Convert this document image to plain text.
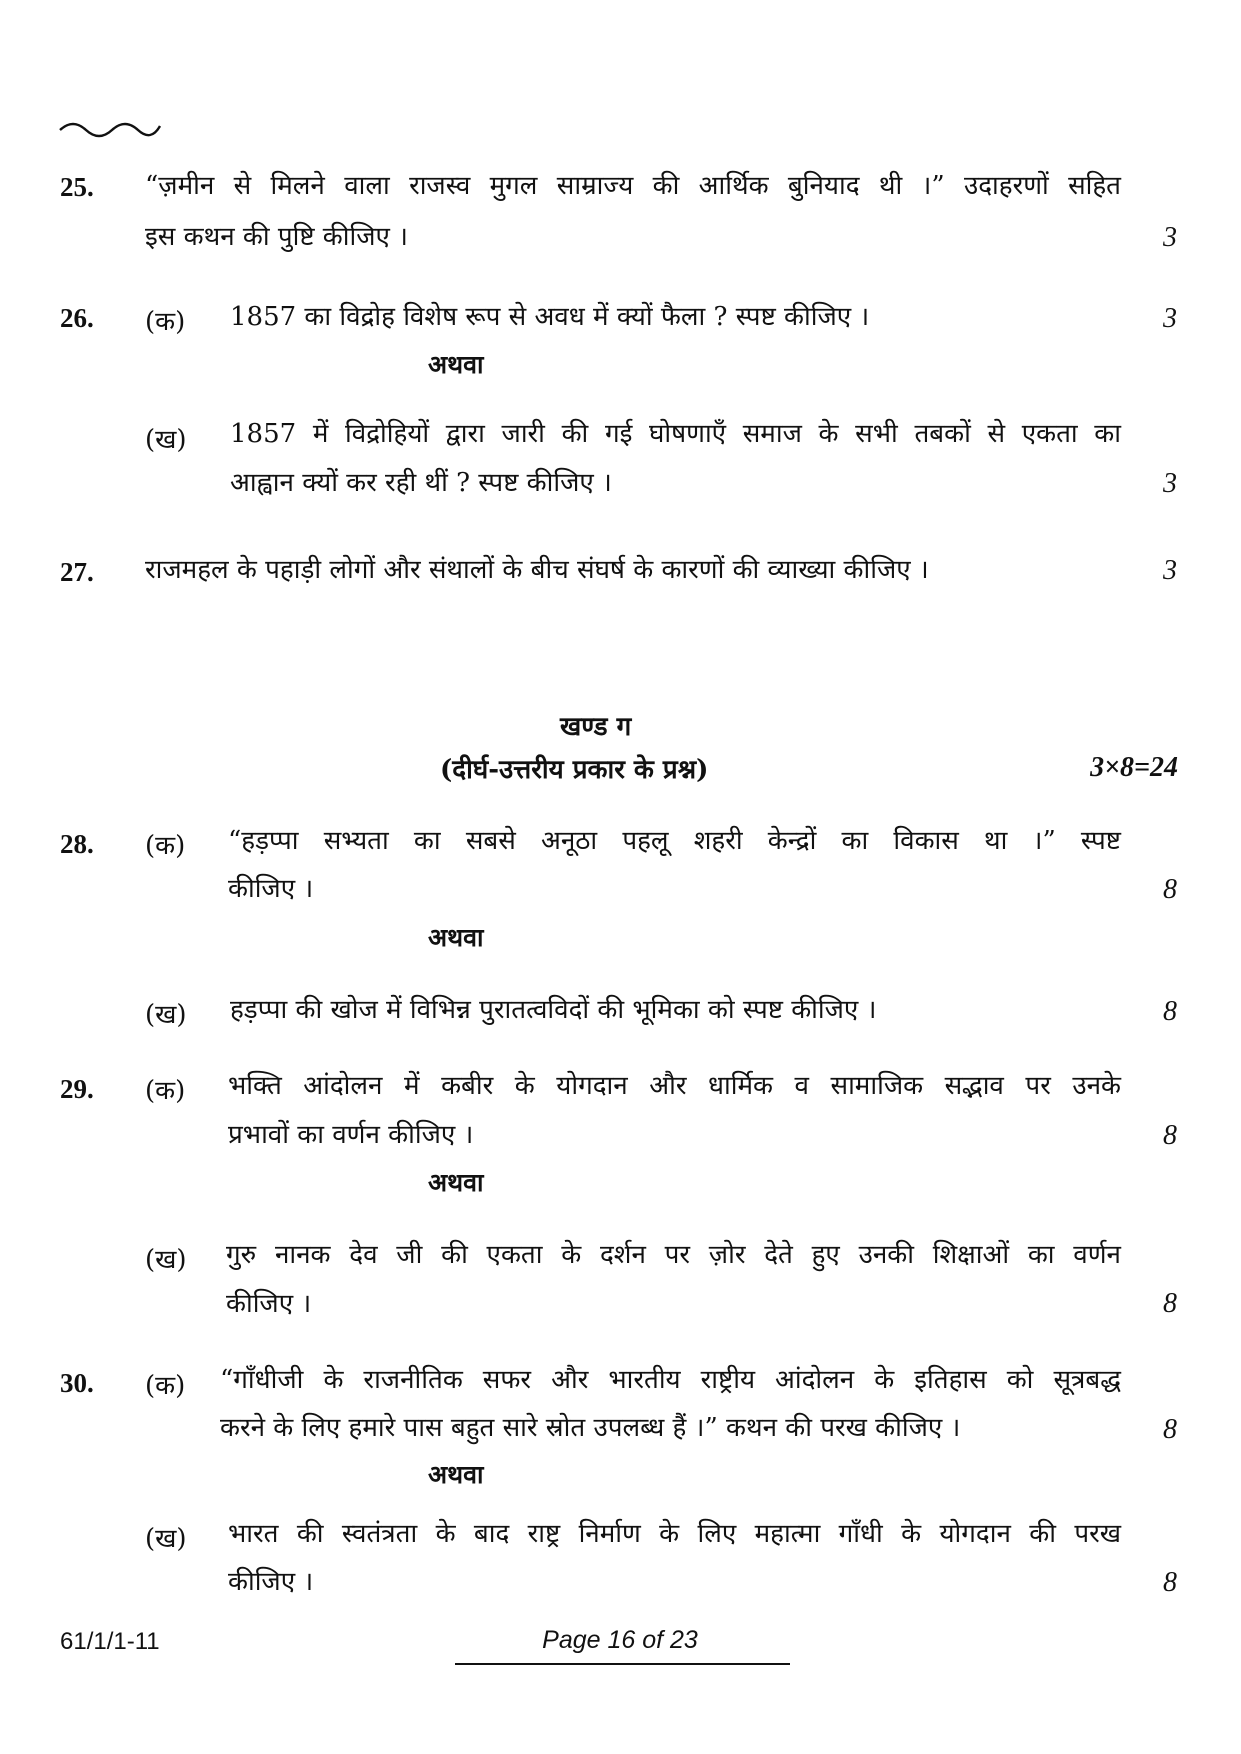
25. “ज़मीन से मिलने वाला राजस्व मुगल साम्राज्य की आर्थिक बुनियाद थी ।” उदाहरणों सहित
इस कथन की पुष्टि कीजिए ।	3
26. (क) 1857 का विद्रोह विशेष रूप से अवध में क्यों फैला ? स्पष्ट कीजिए ।	3
अथवा
(ख) 1857 में विद्रोहियों द्वारा जारी की गई घोषणाएँ समाज के सभी तबकों से एकता का
आह्वान क्यों कर रही थीं ? स्पष्ट कीजिए ।	3
27. राजमहल के पहाड़ी लोगों और संथालों के बीच संघर्ष के कारणों की व्याख्या कीजिए ।	3
खण्ड ग
(दीर्घ-उत्तरीय प्रकार के प्रश्न)	3×8=24
28. (क) “हड़प्पा सभ्यता का सबसे अनूठा पहलू शहरी केन्द्रों का विकास था ।” स्पष्ट
कीजिए ।	8
अथवा
(ख) हड़प्पा की खोज में विभिन्न पुरातत्वविदों की भूमिका को स्पष्ट कीजिए ।	8
29. (क) भक्ति आंदोलन में कबीर के योगदान और धार्मिक व सामाजिक सद्भाव पर उनके
प्रभावों का वर्णन कीजिए ।	8
अथवा
(ख) गुरु नानक देव जी की एकता के दर्शन पर ज़ोर देते हुए उनकी शिक्षाओं का वर्णन
कीजिए ।	8
30. (क) “गाँधीजी के राजनीतिक सफर और भारतीय राष्ट्रीय आंदोलन के इतिहास को सूत्रबद्ध
करने के लिए हमारे पास बहुत सारे स्रोत उपलब्ध हैं ।” कथन की परख कीजिए ।	8
अथवा
(ख) भारत की स्वतंत्रता के बाद राष्ट्र निर्माण के लिए महात्मा गाँधी के योगदान की परख
कीजिए ।	8
61/1/1-11	Page 16 of 23
